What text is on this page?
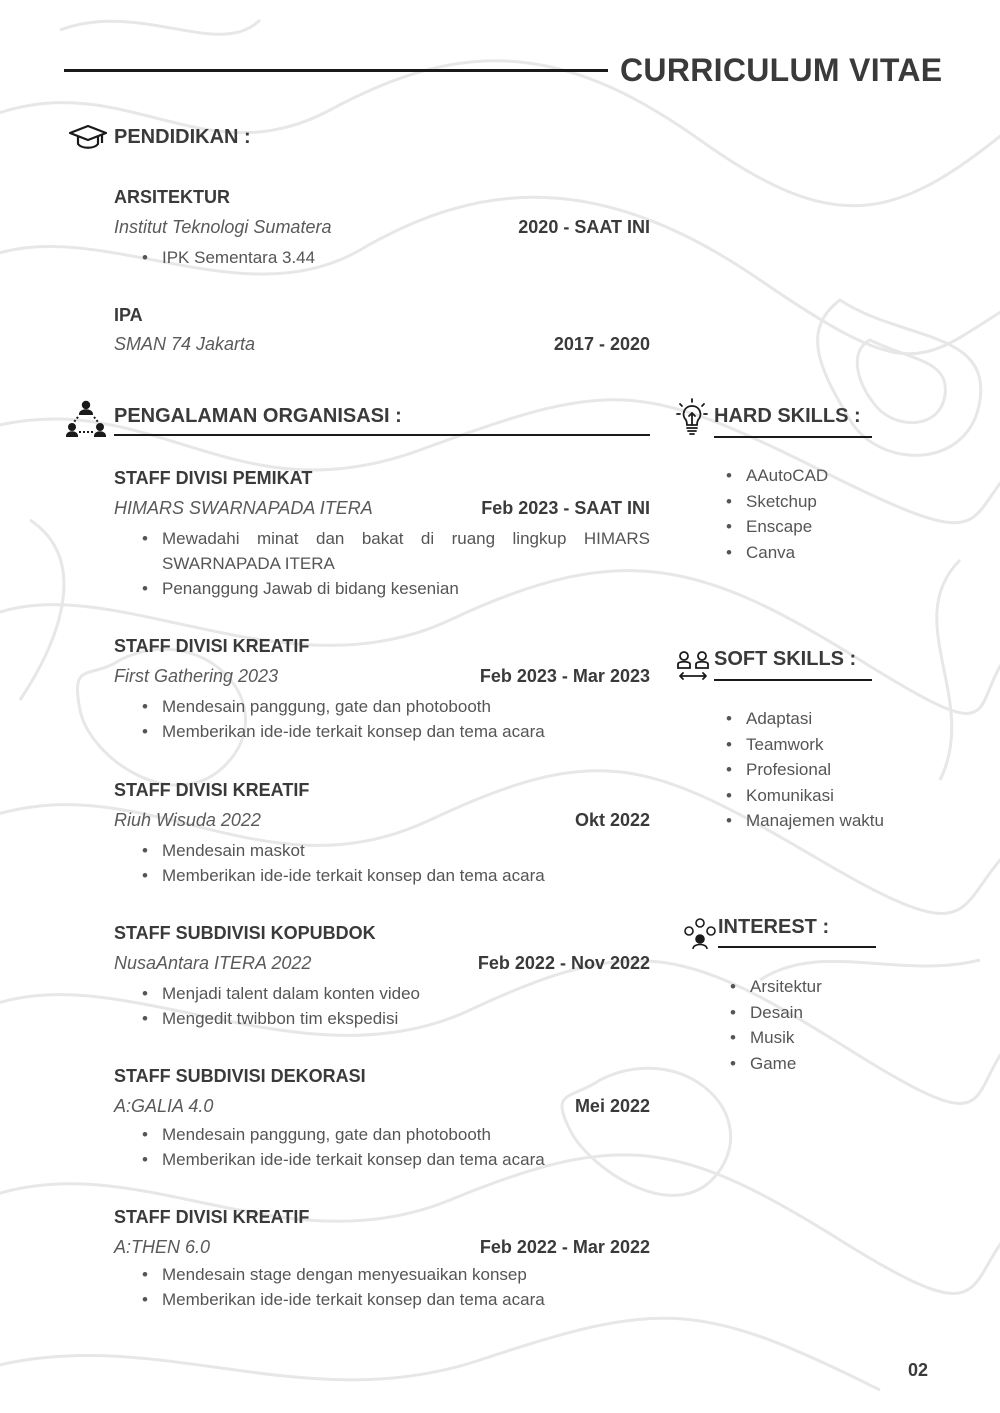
CURRICULUM VITAE
PENDIDIKAN :
ARSITEKTUR
Institut Teknologi Sumatera	2020 - SAAT INI
• IPK Sementara 3.44
IPA
SMAN 74 Jakarta	2017 - 2020
PENGALAMAN ORGANISASI :
STAFF DIVISI PEMIKAT
HIMARS SWARNAPADA ITERA	Feb 2023 - SAAT INI
• Mewadahi minat dan bakat di ruang lingkup HIMARS SWARNAPADA ITERA
• Penanggung Jawab di bidang kesenian
STAFF DIVISI KREATIF
First Gathering 2023	Feb 2023 - Mar 2023
• Mendesain panggung, gate dan photobooth
• Memberikan ide-ide terkait konsep dan tema acara
STAFF DIVISI KREATIF
Riuh Wisuda 2022	Okt 2022
• Mendesain maskot
• Memberikan ide-ide terkait konsep dan tema acara
STAFF SUBDIVISI KOPUBDOK
NusaAntara ITERA 2022	Feb 2022 - Nov 2022
• Menjadi talent dalam konten video
• Mengedit twibbon tim ekspedisi
STAFF SUBDIVISI DEKORASI
A:GALIA 4.0	Mei 2022
• Mendesain panggung, gate dan photobooth
• Memberikan ide-ide terkait konsep dan tema acara
STAFF DIVISI KREATIF
A:THEN 6.0	Feb 2022 - Mar 2022
• Mendesain stage dengan menyesuaikan konsep
• Memberikan ide-ide terkait konsep dan tema acara
HARD SKILLS :
• AAutoCAD
• Sketchup
• Enscape
• Canva
SOFT SKILLS :
• Adaptasi
• Teamwork
• Profesional
• Komunikasi
• Manajemen waktu
INTEREST :
• Arsitektur
• Desain
• Musik
• Game
02
